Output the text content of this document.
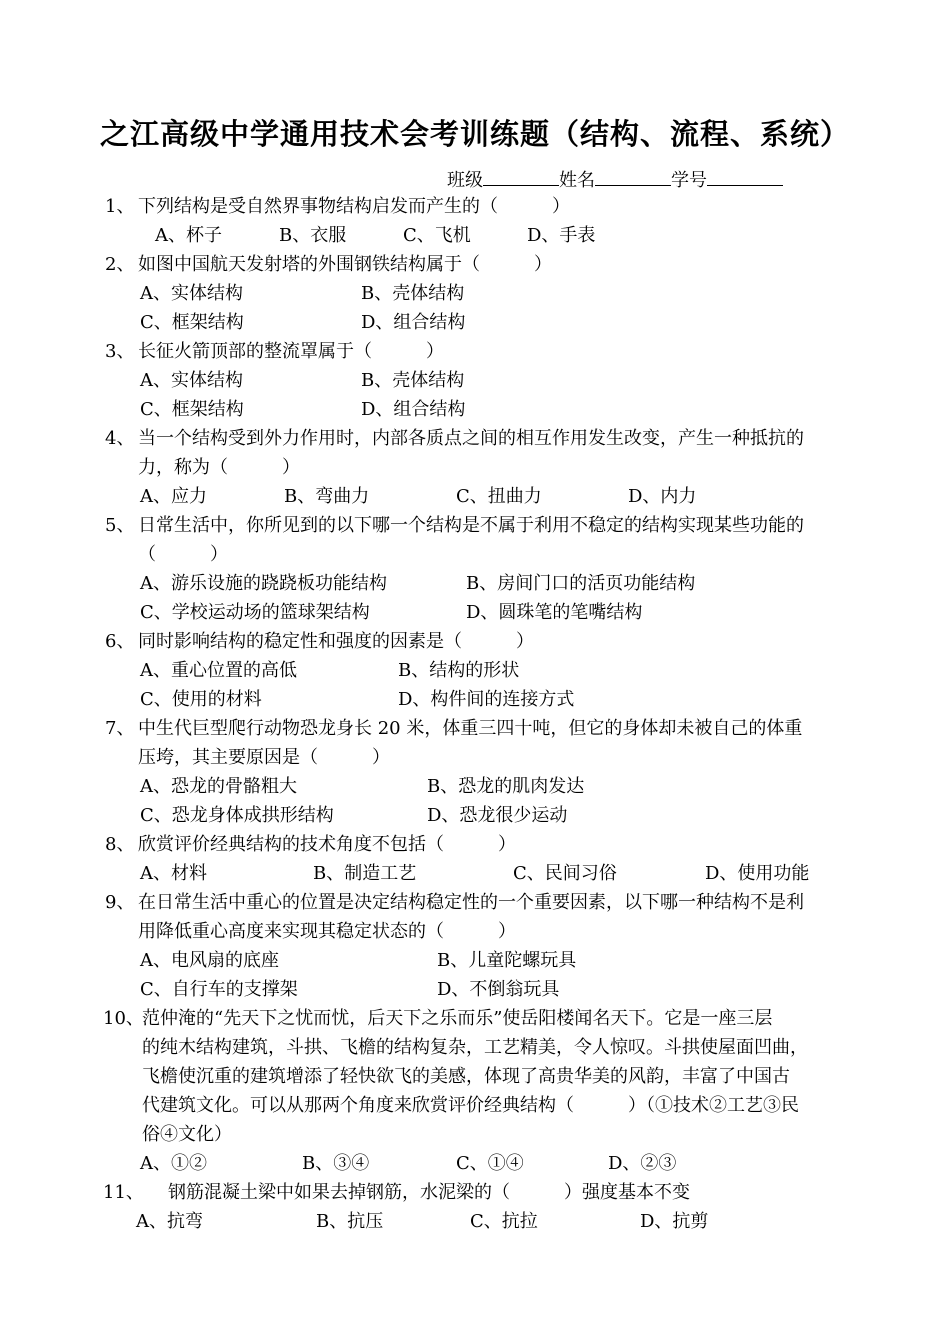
之江高级中学通用技术会考训练题（结构、流程、系统）
班级	姓名	学号
1、 下列结构是受自然界事物结构启发而产生的（　　　）
A、杯子	B、衣服	C、飞机	D、手表
2、 如图中国航天发射塔的外围钢铁结构属于（　　　）
A、实体结构	B、壳体结构
C、框架结构	D、组合结构
3、 长征火箭顶部的整流罩属于（　　　）
A、实体结构	B、壳体结构
C、框架结构	D、组合结构
4、 当一个结构受到外力作用时，内部各质点之间的相互作用发生改变，产生一种抵抗的
力，称为（　　　）
A、应力	B、弯曲力	C、扭曲力	D、内力
5、 日常生活中，你所见到的以下哪一个结构是不属于利用不稳定的结构实现某些功能的
（　　　）
A、游乐设施的跷跷板功能结构	B、房间门口的活页功能结构
C、学校运动场的篮球架结构	D、圆珠笔的笔嘴结构
6、 同时影响结构的稳定性和强度的因素是（　　　）
A、重心位置的高低	B、结构的形状
C、使用的材料	D、构件间的连接方式
7、 中生代巨型爬行动物恐龙身长 20 米，体重三四十吨，但它的身体却未被自己的体重
压垮，其主要原因是（　　　）
A、恐龙的骨骼粗大	B、恐龙的肌肉发达
C、恐龙身体成拱形结构	D、恐龙很少运动
8、 欣赏评价经典结构的技术角度不包括（　　　）
A、材料	B、制造工艺	C、民间习俗	D、使用功能
9、 在日常生活中重心的位置是决定结构稳定性的一个重要因素，以下哪一种结构不是利
用降低重心高度来实现其稳定状态的（　　　）
A、电风扇的底座	B、儿童陀螺玩具
C、自行车的支撑架	D、不倒翁玩具
10、
范仲淹的“先天下之忧而忧，后天下之乐而乐”使岳阳楼闻名天下。它是一座三层
的纯木结构建筑，斗拱、飞檐的结构复杂，工艺精美，令人惊叹。斗拱使屋面凹曲，
飞檐使沉重的建筑增添了轻快欲飞的美感，体现了高贵华美的风韵，丰富了中国古
代建筑文化。可以从那两个角度来欣赏评价经典结构（　　　）（①技术②工艺③民
俗④文化）
A、①②	B、③④	C、①④	D、②③
11、 钢筋混凝土梁中如果去掉钢筋，水泥梁的（　　　）强度基本不变
A、抗弯	B、抗压	C、抗拉	D、抗剪
